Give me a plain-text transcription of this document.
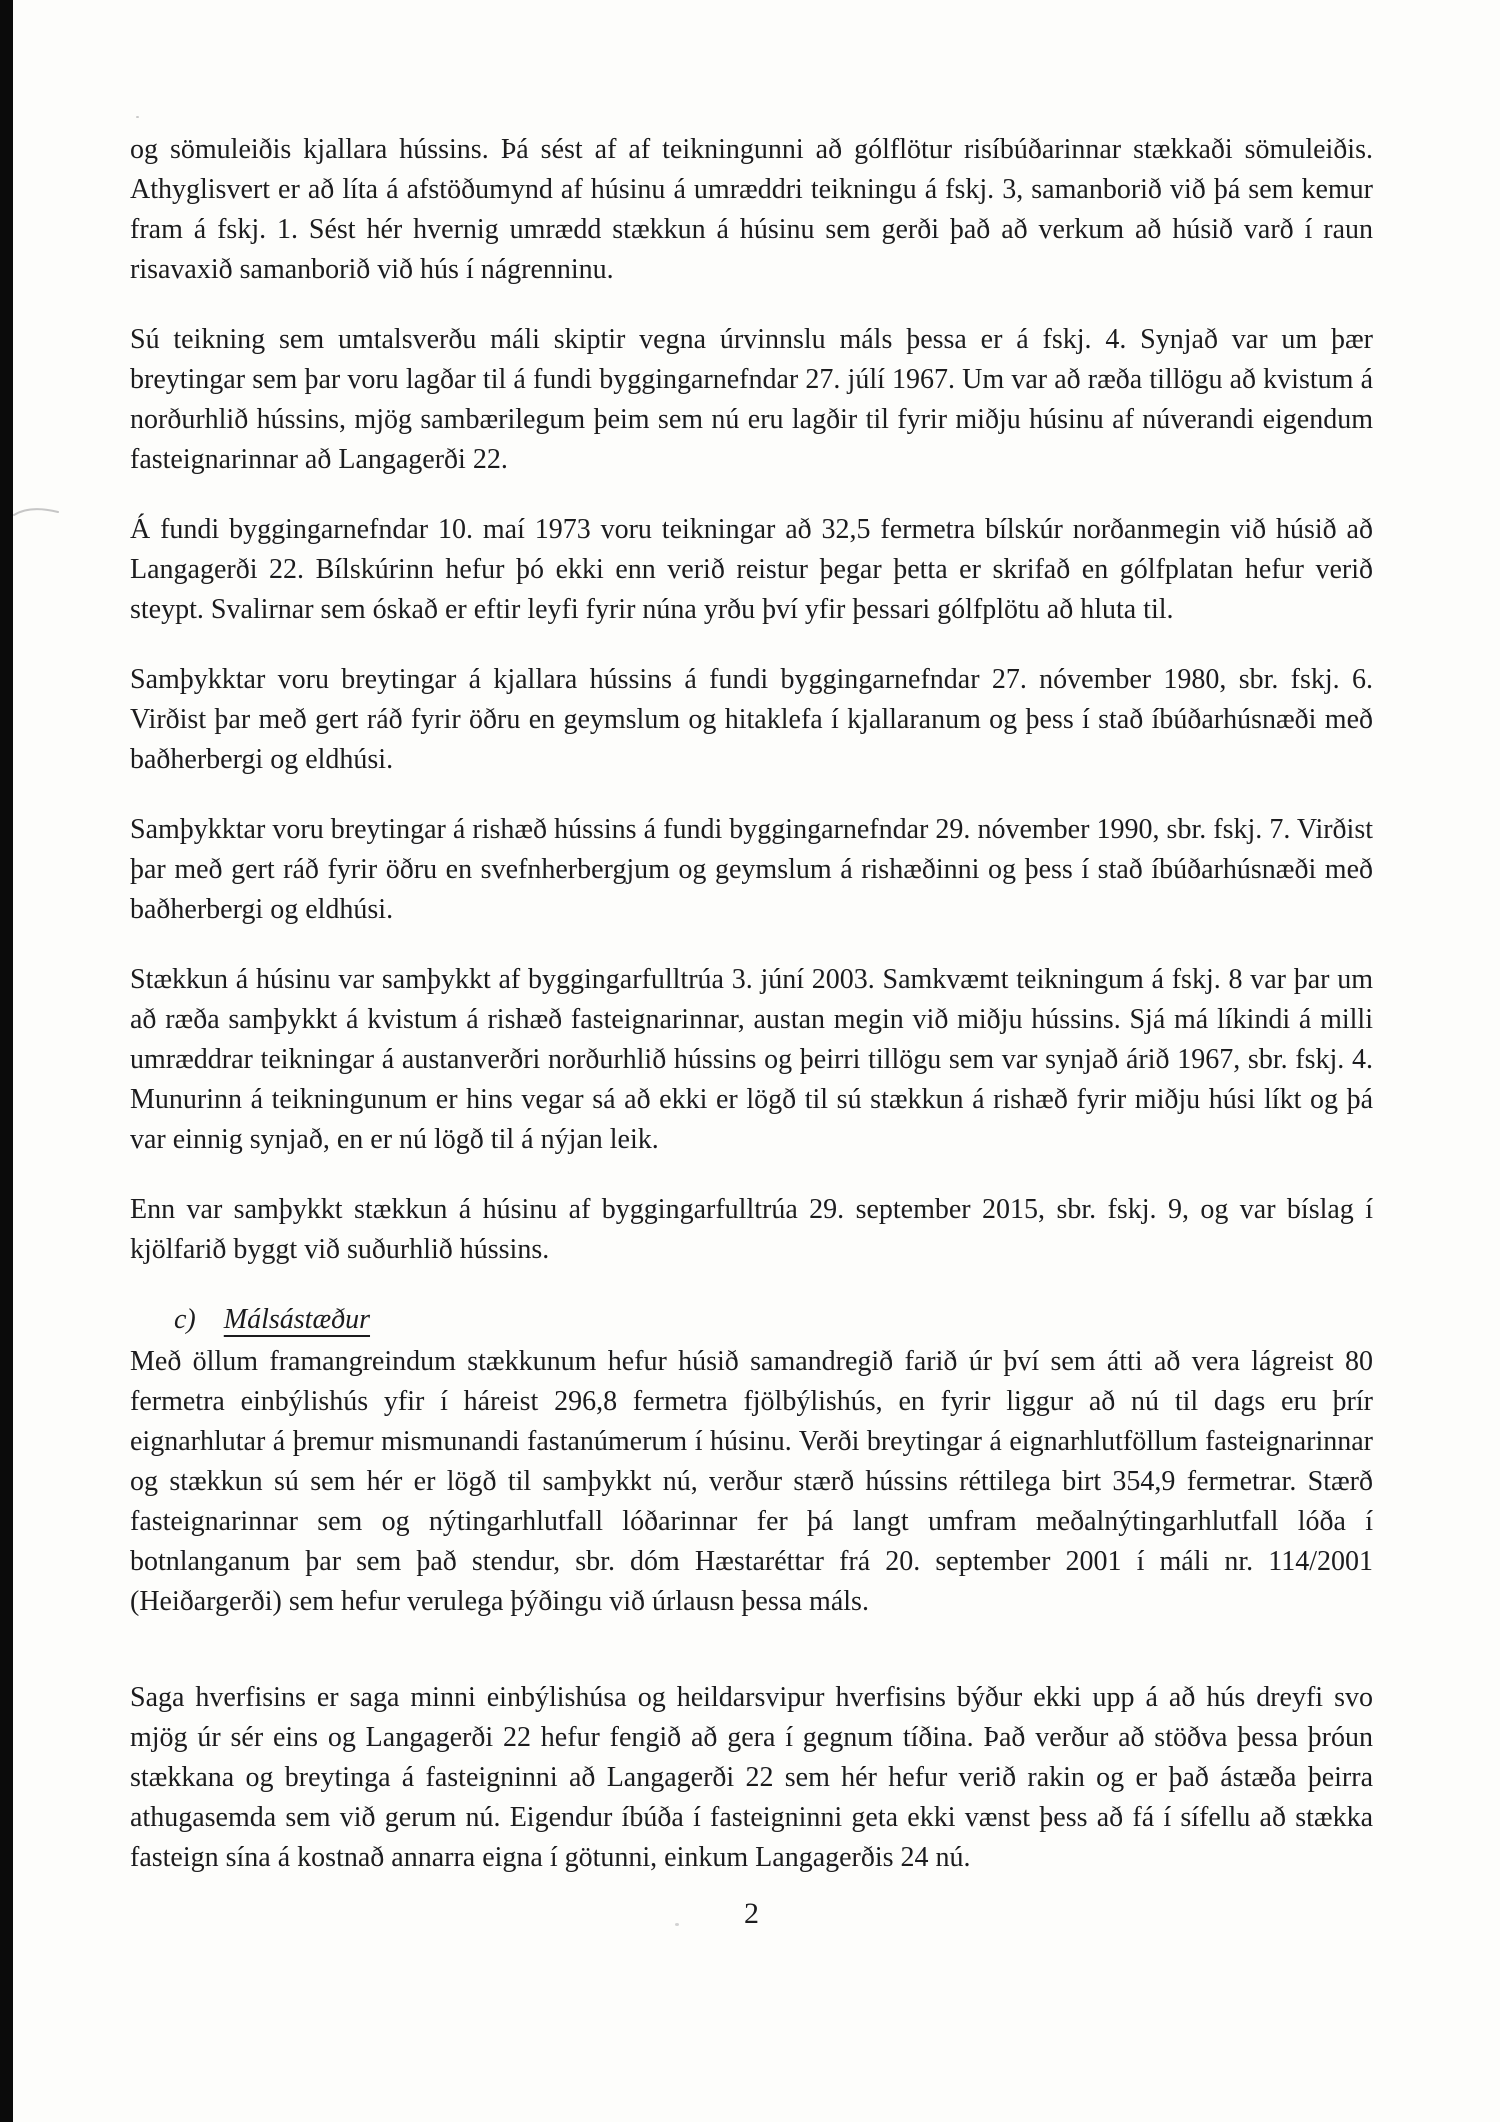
og sömuleiðis kjallara hússins. Þá sést af af teikningunni að gólflötur risíbúðarinnar stækkaði sömuleiðis. Athyglisvert er að líta á afstöðumynd af húsinu á umræddri teikningu á fskj. 3, samanborið við þá sem kemur fram á fskj. 1. Sést hér hvernig umrædd stækkun á húsinu sem gerði það að verkum að húsið varð í raun risavaxið samanborið við hús í nágrenninu.

Sú teikning sem umtalsverðu máli skiptir vegna úrvinnslu máls þessa er á fskj. 4. Synjað var um þær breytingar sem þar voru lagðar til á fundi byggingarnefndar 27. júlí 1967. Um var að ræða tillögu að kvistum á norðurhlið hússins, mjög sambærilegum þeim sem nú eru lagðir til fyrir miðju húsinu af núverandi eigendum fasteignarinnar að Langagerði 22.

Á fundi byggingarnefndar 10. maí 1973 voru teikningar að 32,5 fermetra bílskúr norðanmegin við húsið að Langagerði 22. Bílskúrinn hefur þó ekki enn verið reistur þegar þetta er skrifað en gólfplatan hefur verið steypt. Svalirnar sem óskað er eftir leyfi fyrir núna yrðu því yfir þessari gólfplötu að hluta til.

Samþykktar voru breytingar á kjallara hússins á fundi byggingarnefndar 27. nóvember 1980, sbr. fskj. 6. Virðist þar með gert ráð fyrir öðru en geymslum og hitaklefa í kjallaranum og þess í stað íbúðarhúsnæði með baðherbergi og eldhúsi.

Samþykktar voru breytingar á rishæð hússins á fundi byggingarnefndar 29. nóvember 1990, sbr. fskj. 7. Virðist þar með gert ráð fyrir öðru en svefnherbergjum og geymslum á rishæðinni og þess í stað íbúðarhúsnæði með baðherbergi og eldhúsi.

Stækkun á húsinu var samþykkt af byggingarfulltrúa 3. júní 2003. Samkvæmt teikningum á fskj. 8 var þar um að ræða samþykkt á kvistum á rishæð fasteignarinnar, austan megin við miðju hússins. Sjá má líkindi á milli umræddrar teikningar á austanverðri norðurhlið hússins og þeirri tillögu sem var synjað árið 1967, sbr. fskj. 4. Munurinn á teikningunum er hins vegar sá að ekki er lögð til sú stækkun á rishæð fyrir miðju húsi líkt og þá var einnig synjað, en er nú lögð til á nýjan leik.

Enn var samþykkt stækkun á húsinu af byggingarfulltrúa 29. september 2015, sbr. fskj. 9, og var bíslag í kjölfarið byggt við suðurhlið hússins.

c) Málsástæður

Með öllum framangreindum stækkunum hefur húsið samandregið farið úr því sem átti að vera lágreist 80 fermetra einbýlishús yfir í háreist 296,8 fermetra fjölbýlishús, en fyrir liggur að nú til dags eru þrír eignarhlutar á þremur mismunandi fastanúmerum í húsinu. Verði breytingar á eignarhlutföllum fasteignarinnar og stækkun sú sem hér er lögð til samþykkt nú, verður stærð hússins réttilega birt 354,9 fermetrar. Stærð fasteignarinnar sem og nýtingarhlutfall lóðarinnar fer þá langt umfram meðalnýtingarhlutfall lóða í botnlanganum þar sem það stendur, sbr. dóm Hæstaréttar frá 20. september 2001 í máli nr. 114/2001 (Heiðargerði) sem hefur verulega þýðingu við úrlausn þessa máls.

Saga hverfisins er saga minni einbýlishúsa og heildarsvipur hverfisins býður ekki upp á að hús dreyfi svo mjög úr sér eins og Langagerði 22 hefur fengið að gera í gegnum tíðina. Það verður að stöðva þessa þróun stækkana og breytinga á fasteigninni að Langagerði 22 sem hér hefur verið rakin og er það ástæða þeirra athugasemda sem við gerum nú. Eigendur íbúða í fasteigninni geta ekki vænst þess að fá í sífellu að stækka fasteign sína á kostnað annarra eigna í götunni, einkum Langagerðis 24 nú.

2
